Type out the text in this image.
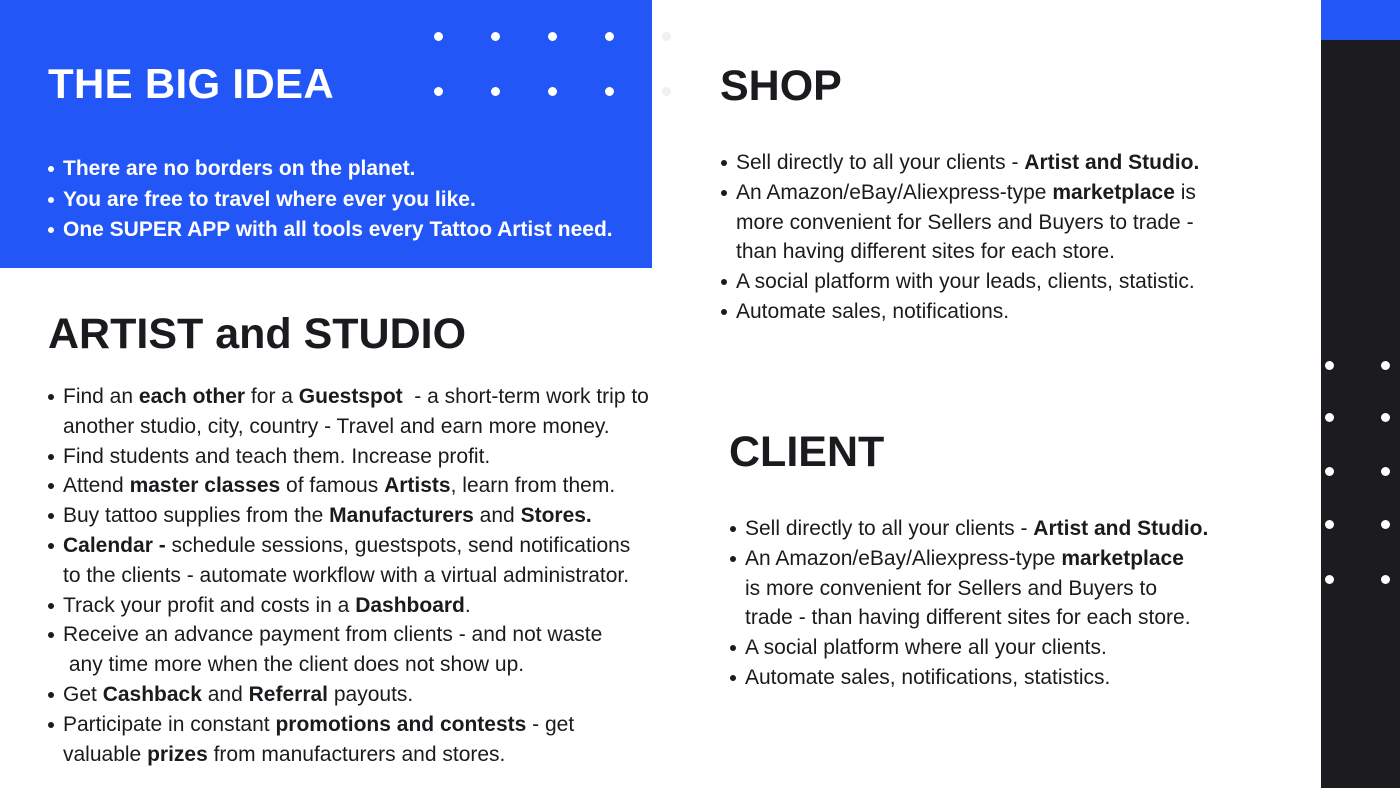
THE BIG IDEA
There are no borders on the planet.
You are free to travel where ever you like.
One SUPER APP with all tools every Tattoo Artist need.
ARTIST and STUDIO
Find an each other for a Guestspot  - a short-term work trip to
another studio, city, country - Travel and earn more money.
Find students and teach them. Increase profit.
Attend master classes of famous Artists, learn from them.
Buy tattoo supplies from the Manufacturers and Stores.
Calendar - schedule sessions, guestspots, send notifications
to the clients - automate workflow with a virtual administrator.
Track your profit and costs in a Dashboard.
Receive an advance payment from clients - and not waste
any time more when the client does not show up.
Get Cashback and Referral payouts.
Participate in constant promotions and contests - get
valuable prizes from manufacturers and stores.
SHOP
Sell directly to all your clients - Artist and Studio.
An Amazon/eBay/Aliexpress-type marketplace is
more convenient for Sellers and Buyers to trade -
than having different sites for each store.
A social platform with your leads, clients, statistic.
Automate sales, notifications.
CLIENT
Sell directly to all your clients - Artist and Studio.
An Amazon/eBay/Aliexpress-type marketplace
is more convenient for Sellers and Buyers to
trade - than having different sites for each store.
A social platform where all your clients.
Automate sales, notifications, statistics.
